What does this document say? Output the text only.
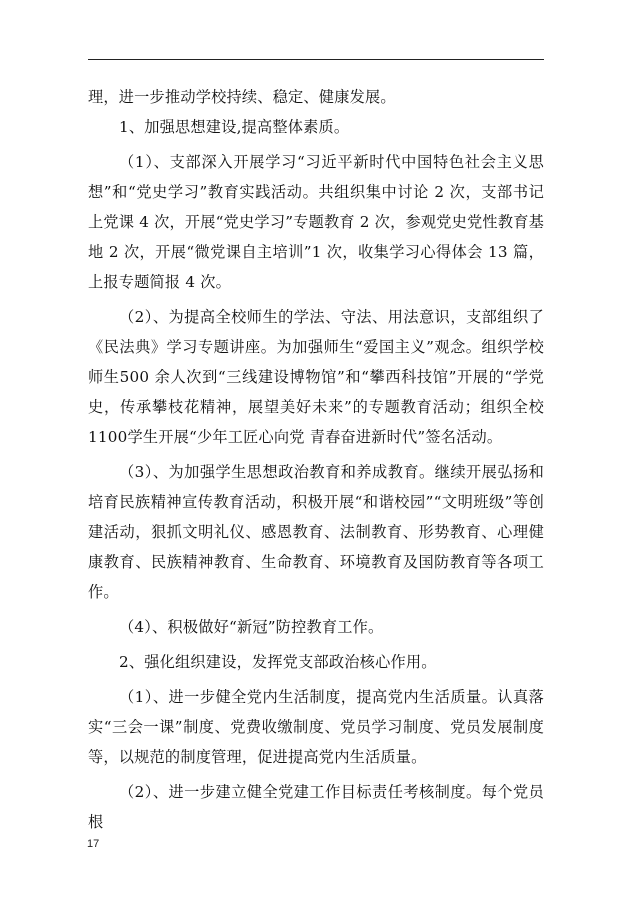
理，进一步推动学校持续、稳定、健康发展。

1、加强思想建设,提高整体素质。

（1）、支部深入开展学习“习近平新时代中国特色社会主义思想”和“党史学习”教育实践活动。共组织集中讨论 2 次，支部书记上党课 4 次，开展“党史学习”专题教育 2 次，参观党史党性教育基地 2 次，开展“微党课自主培训”1 次，收集学习心得体会 13 篇，上报专题简报 4 次。

（2）、为提高全校师生的学法、守法、用法意识，支部组织了《民法典》学习专题讲座。为加强师生“爱国主义”观念。组织学校师生500 余人次到“三线建设博物馆”和“攀西科技馆”开展的“学党史，传承攀枝花精神，展望美好未来”的专题教育活动；组织全校 1100学生开展“少年工匠心向党 青春奋进新时代”签名活动。

（3）、为加强学生思想政治教育和养成教育。继续开展弘扬和培育民族精神宣传教育活动，积极开展“和谐校园”“文明班级”等创建活动，狠抓文明礼仪、感恩教育、法制教育、形势教育、心理健康教育、民族精神教育、生命教育、环境教育及国防教育等各项工作。

（4）、积极做好“新冠”防控教育工作。

2、强化组织建设，发挥党支部政治核心作用。

（1）、进一步健全党内生活制度，提高党内生活质量。认真落实“三会一课”制度、党费收缴制度、党员学习制度、党员发展制度等，以规范的制度管理，促进提高党内生活质量。

（2）、进一步建立健全党建工作目标责任考核制度。每个党员根

17
